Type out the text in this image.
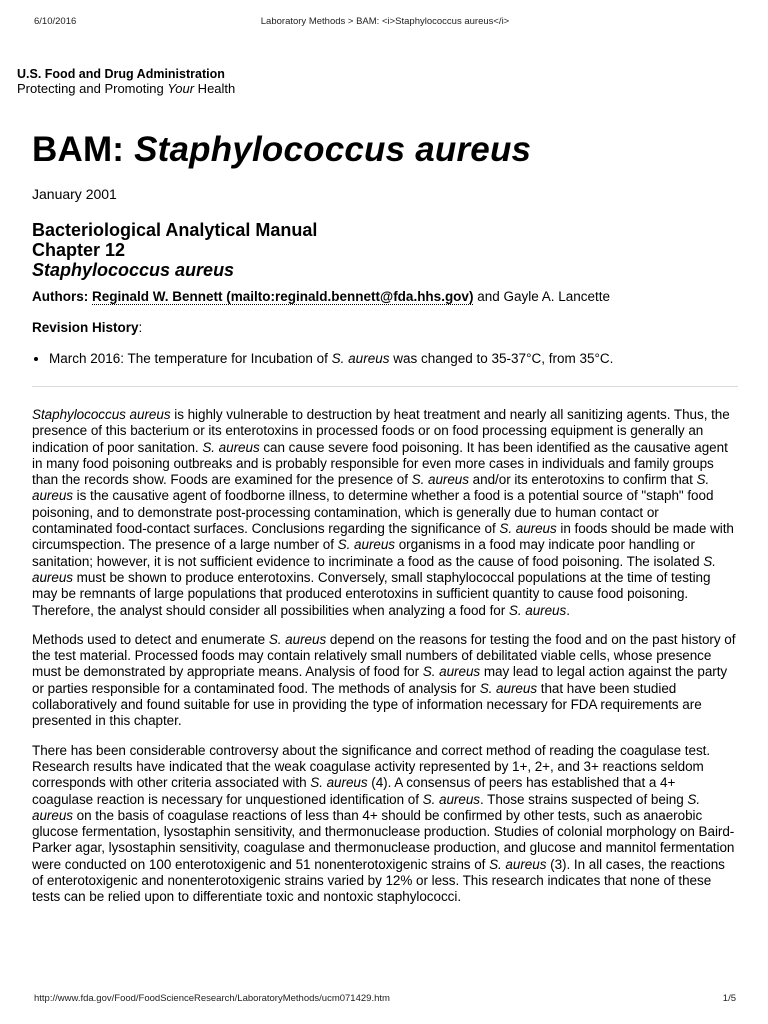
6/10/2016	Laboratory Methods > BAM: <i>Staphylococcus aureus</i>
U.S. Food and Drug Administration
Protecting and Promoting Your Health
BAM: Staphylococcus aureus
January 2001
Bacteriological Analytical Manual
Chapter 12
Staphylococcus aureus
Authors: Reginald W. Bennett (mailto:reginald.bennett@fda.hhs.gov) and Gayle A. Lancette
Revision History:
• March 2016: The temperature for Incubation of S. aureus was changed to 35-37°C, from 35°C.

Staphylococcus aureus is highly vulnerable to destruction by heat treatment and nearly all sanitizing agents. Thus, the presence of this bacterium or its enterotoxins in processed foods or on food processing equipment is generally an indication of poor sanitation. S. aureus can cause severe food poisoning. It has been identified as the causative agent in many food poisoning outbreaks and is probably responsible for even more cases in individuals and family groups than the records show. Foods are examined for the presence of S. aureus and/or its enterotoxins to confirm that S. aureus is the causative agent of foodborne illness, to determine whether a food is a potential source of "staph" food poisoning, and to demonstrate post-processing contamination, which is generally due to human contact or contaminated food-contact surfaces. Conclusions regarding the significance of S. aureus in foods should be made with circumspection. The presence of a large number of S. aureus organisms in a food may indicate poor handling or sanitation; however, it is not sufficient evidence to incriminate a food as the cause of food poisoning. The isolated S. aureus must be shown to produce enterotoxins. Conversely, small staphylococcal populations at the time of testing may be remnants of large populations that produced enterotoxins in sufficient quantity to cause food poisoning. Therefore, the analyst should consider all possibilities when analyzing a food for S. aureus.

Methods used to detect and enumerate S. aureus depend on the reasons for testing the food and on the past history of the test material. Processed foods may contain relatively small numbers of debilitated viable cells, whose presence must be demonstrated by appropriate means. Analysis of food for S. aureus may lead to legal action against the party or parties responsible for a contaminated food. The methods of analysis for S. aureus that have been studied collaboratively and found suitable for use in providing the type of information necessary for FDA requirements are presented in this chapter.

There has been considerable controversy about the significance and correct method of reading the coagulase test. Research results have indicated that the weak coagulase activity represented by 1+, 2+, and 3+ reactions seldom corresponds with other criteria associated with S. aureus (4). A consensus of peers has established that a 4+ coagulase reaction is necessary for unquestioned identification of S. aureus. Those strains suspected of being S. aureus on the basis of coagulase reactions of less than 4+ should be confirmed by other tests, such as anaerobic glucose fermentation, lysostaphin sensitivity, and thermonuclease production. Studies of colonial morphology on Baird-Parker agar, lysostaphin sensitivity, coagulase and thermonuclease production, and glucose and mannitol fermentation were conducted on 100 enterotoxigenic and 51 nonenterotoxigenic strains of S. aureus (3). In all cases, the reactions of enterotoxigenic and nonenterotoxigenic strains varied by 12% or less. This research indicates that none of these tests can be relied upon to differentiate toxic and nontoxic staphylococci.

http://www.fda.gov/Food/FoodScienceResearch/LaboratoryMethods/ucm071429.htm	1/5
